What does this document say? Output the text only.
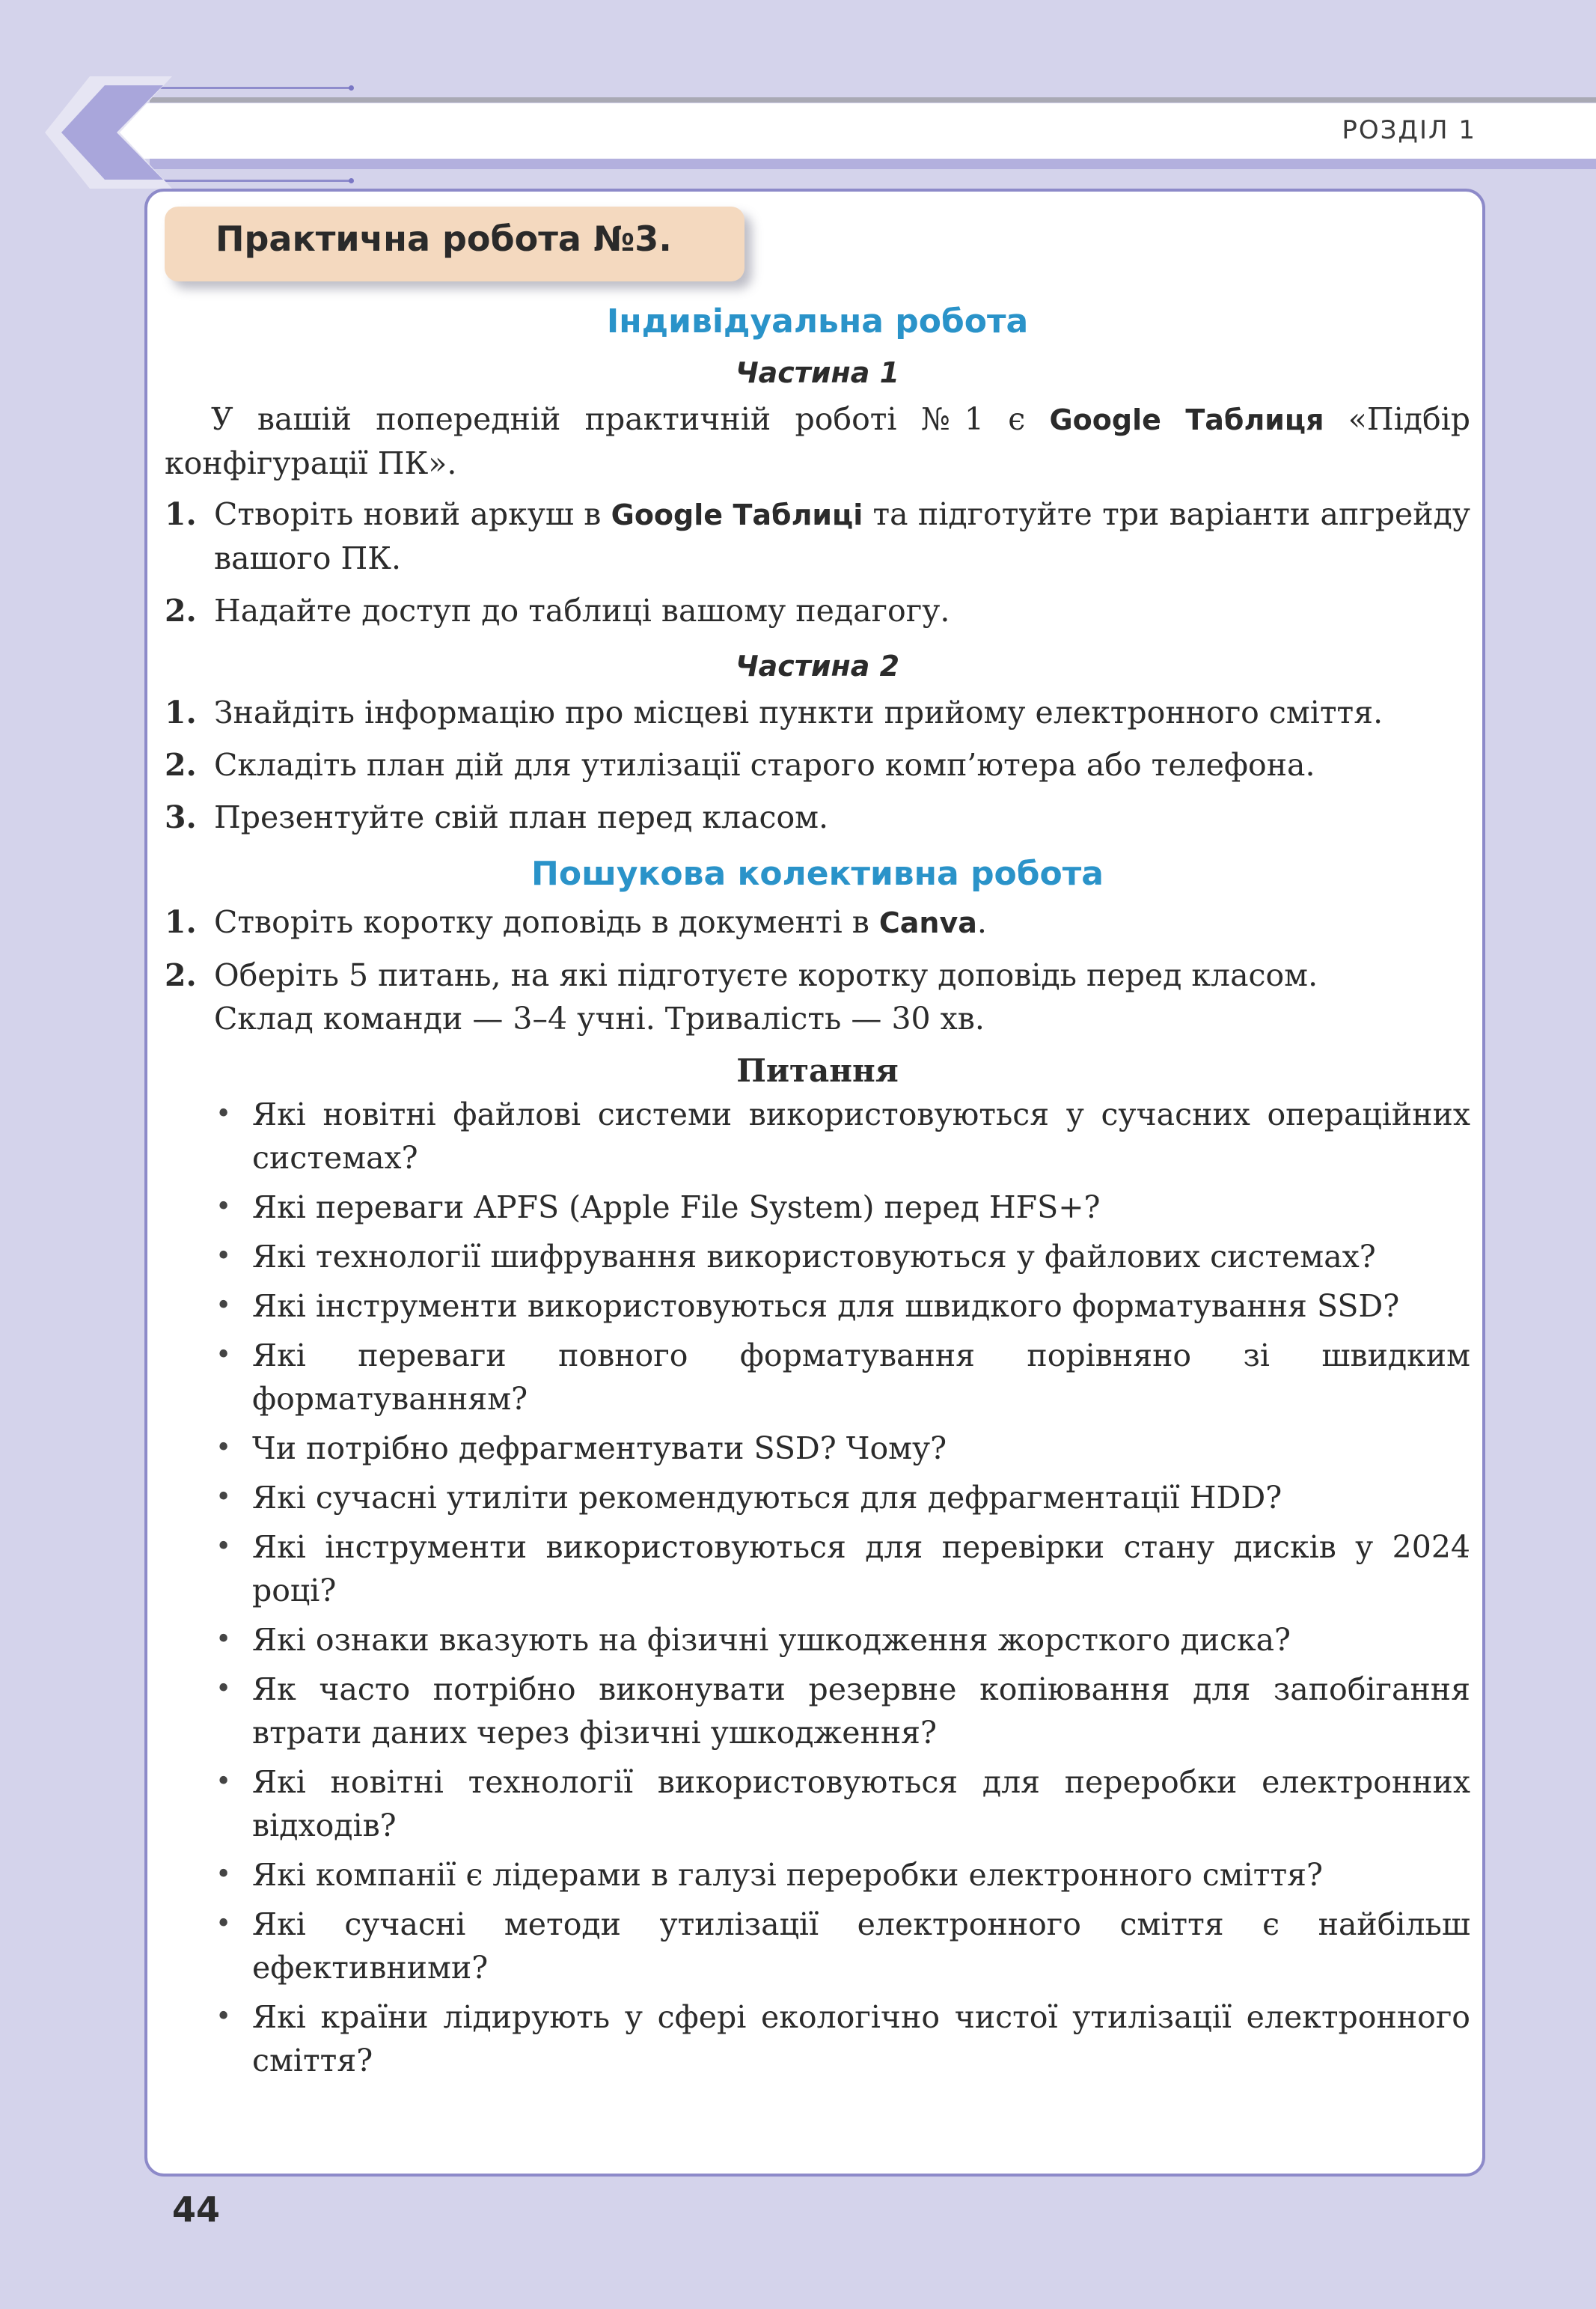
РОЗДІЛ 1
Практична робота №3.
Індивідуальна робота
Частина 1
У вашій попередній практичній роботі №1 є Google Таблиця «Підбір конфігурації ПК».
1. Створіть новий аркуш в Google Таблиці та підготуйте три варіанти апгрейду вашого ПК.
2. Надайте доступ до таблиці вашому педагогу.
Частина 2
1. Знайдіть інформацію про місцеві пункти прийому електронного сміття.
2. Складіть план дій для утилізації старого комп’ютера або телефона.
3. Презентуйте свій план перед класом.
Пошукова колективна робота
1. Створіть коротку доповідь в документі в Canva.
2. Оберіть 5 питань, на які підготуєте коротку доповідь перед класом.
Склад команди — 3–4 учні. Тривалість — 30 хв.
Питання
• Які новітні файлові системи використовуються у сучасних операційних системах?
• Які переваги APFS (Apple File System) перед HFS+?
• Які технології шифрування використовуються у файлових системах?
• Які інструменти використовуються для швидкого форматування SSD?
• Які переваги повного форматування порівняно зі швидким форматуванням?
• Чи потрібно дефрагментувати SSD? Чому?
• Які сучасні утиліти рекомендуються для дефрагментації HDD?
• Які інструменти використовуються для перевірки стану дисків у 2024 році?
• Які ознаки вказують на фізичні ушкодження жорсткого диска?
• Як часто потрібно виконувати резервне копіювання для запобігання втрати даних через фізичні ушкодження?
• Які новітні технології використовуються для переробки електронних відходів?
• Які компанії є лідерами в галузі переробки електронного сміття?
• Які сучасні методи утилізації електронного сміття є найбільш ефективними?
• Які країни лідирують у сфері екологічно чистої утилізації електронного сміття?
44
